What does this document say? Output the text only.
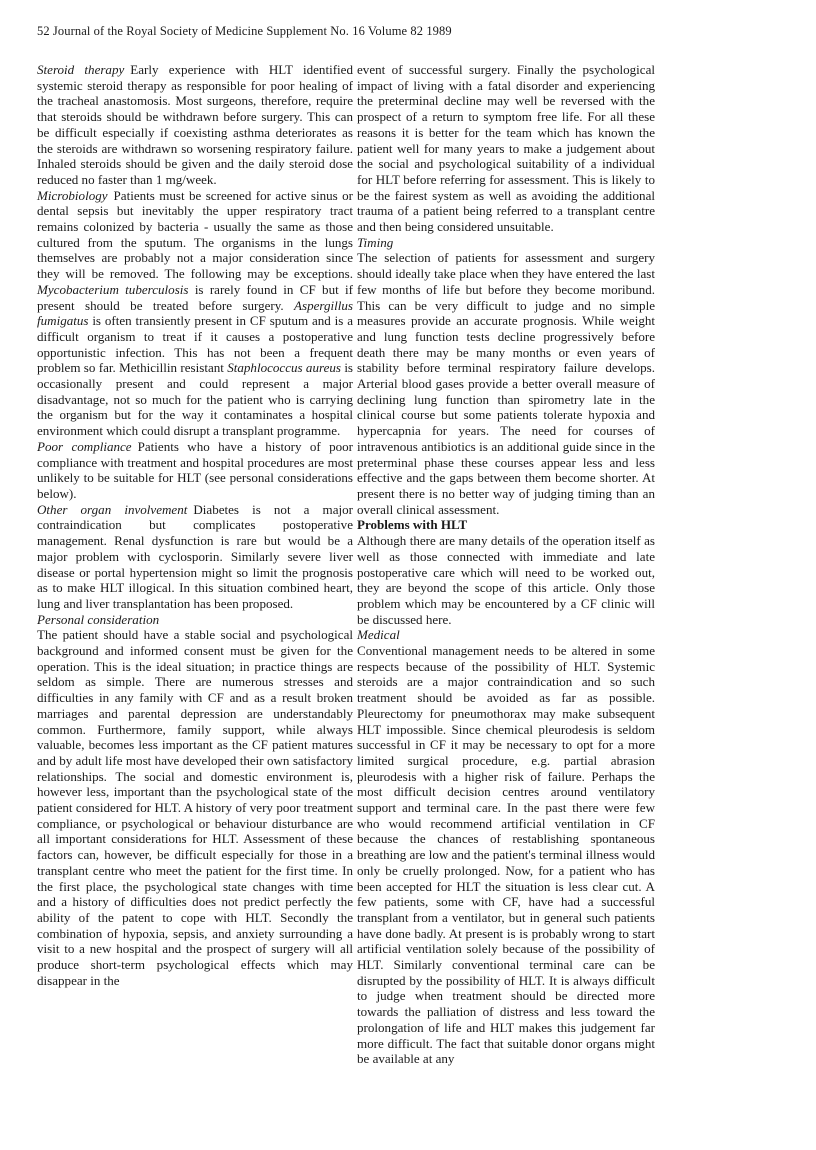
52 Journal of the Royal Society of Medicine Supplement No. 16 Volume 82 1989

Steroid therapy Early experience with HLT identified systemic steroid therapy as responsible for poor healing of the tracheal anastomosis. Most surgeons, therefore, require that steroids should be withdrawn before surgery. This can be difficult especially if coexisting asthma deteriorates as the steroids are withdrawn so worsening respiratory failure. Inhaled steroids should be given and the daily steroid dose reduced no faster than 1 mg/week.

Microbiology Patients must be screened for active sinus or dental sepsis but inevitably the upper respiratory tract remains colonized by bacteria - usually the same as those cultured from the sputum. The organisms in the lungs themselves are probably not a major consideration since they will be removed. The following may be exceptions. Mycobacterium tuberculosis is rarely found in CF but if present should be treated before surgery. Aspergillus fumigatus is often transiently present in CF sputum and is a difficult organism to treat if it causes a postoperative opportunistic infection. This has not been a frequent problem so far. Methicillin resistant Staphlococcus aureus is occasionally present and could represent a major disadvantage, not so much for the patient who is carrying the organism but for the way it contaminates a hospital environment which could disrupt a transplant programme.

Poor compliance Patients who have a history of poor compliance with treatment and hospital procedures are most unlikely to be suitable for HLT (see personal considerations below).

Other organ involvement Diabetes is not a major contraindication but complicates postoperative management. Renal dysfunction is rare but would be a major problem with cyclosporin. Similarly severe liver disease or portal hypertension might so limit the prognosis as to make HLT illogical. In this situation combined heart, lung and liver transplantation has been proposed.

Personal consideration
The patient should have a stable social and psychological background and informed consent must be given for the operation. This is the ideal situation; in practice things are seldom as simple. There are numerous stresses and difficulties in any family with CF and as a result broken marriages and parental depression are understandably common. Furthermore, family support, while always valuable, becomes less important as the CF patient matures and by adult life most have developed their own satisfactory relationships. The social and domestic environment is, however less, important than the psychological state of the patient considered for HLT. A history of very poor treatment compliance, or psychological or behaviour disturbance are all important considerations for HLT. Assessment of these factors can, however, be difficult especially for those in a transplant centre who meet the patient for the first time. In the first place, the psychological state changes with time and a history of difficulties does not predict perfectly the ability of the patent to cope with HLT. Secondly the combination of hypoxia, sepsis, and anxiety surrounding a visit to a new hospital and the prospect of surgery will all produce short-term psychological effects which may disappear in the

event of successful surgery. Finally the psychological impact of living with a fatal disorder and experiencing the preterminal decline may well be reversed with the prospect of a return to symptom free life. For all these reasons it is better for the team which has known the patient well for many years to make a judgement about the social and psychological suitability of a individual for HLT before referring for assessment. This is likely to be the fairest system as well as avoiding the additional trauma of a patient being referred to a transplant centre and then being considered unsuitable.

Timing
The selection of patients for assessment and surgery should ideally take place when they have entered the last few months of life but before they become moribund. This can be very difficult to judge and no simple measures provide an accurate prognosis. While weight and lung function tests decline progressively before death there may be many months or even years of stability before terminal respiratory failure develops. Arterial blood gases provide a better overall measure of declining lung function than spirometry late in the clinical course but some patients tolerate hypoxia and hypercapnia for years. The need for courses of intravenous antibiotics is an additional guide since in the preterminal phase these courses appear less and less effective and the gaps between them become shorter. At present there is no better way of judging timing than an overall clinical assessment.

Problems with HLT
Although there are many details of the operation itself as well as those connected with immediate and late postoperative care which will need to be worked out, they are beyond the scope of this article. Only those problem which may be encountered by a CF clinic will be discussed here.

Medical
Conventional management needs to be altered in some respects because of the possibility of HLT. Systemic steroids are a major contraindication and so such treatment should be avoided as far as possible. Pleurectomy for pneumothorax may make subsequent HLT impossible. Since chemical pleurodesis is seldom successful in CF it may be necessary to opt for a more limited surgical procedure, e.g. partial abrasion pleurodesis with a higher risk of failure. Perhaps the most difficult decision centres around ventilatory support and terminal care. In the past there were few who would recommend artificial ventilation in CF because the chances of restablishing spontaneous breathing are low and the patient's terminal illness would only be cruelly prolonged. Now, for a patient who has been accepted for HLT the situation is less clear cut. A few patients, some with CF, have had a successful transplant from a ventilator, but in general such patients have done badly. At present is is probably wrong to start artificial ventilation solely because of the possibility of HLT. Similarly conventional terminal care can be disrupted by the possibility of HLT. It is always difficult to judge when treatment should be directed more towards the palliation of distress and less toward the prolongation of life and HLT makes this judgement far more difficult. The fact that suitable donor organs might be available at any
